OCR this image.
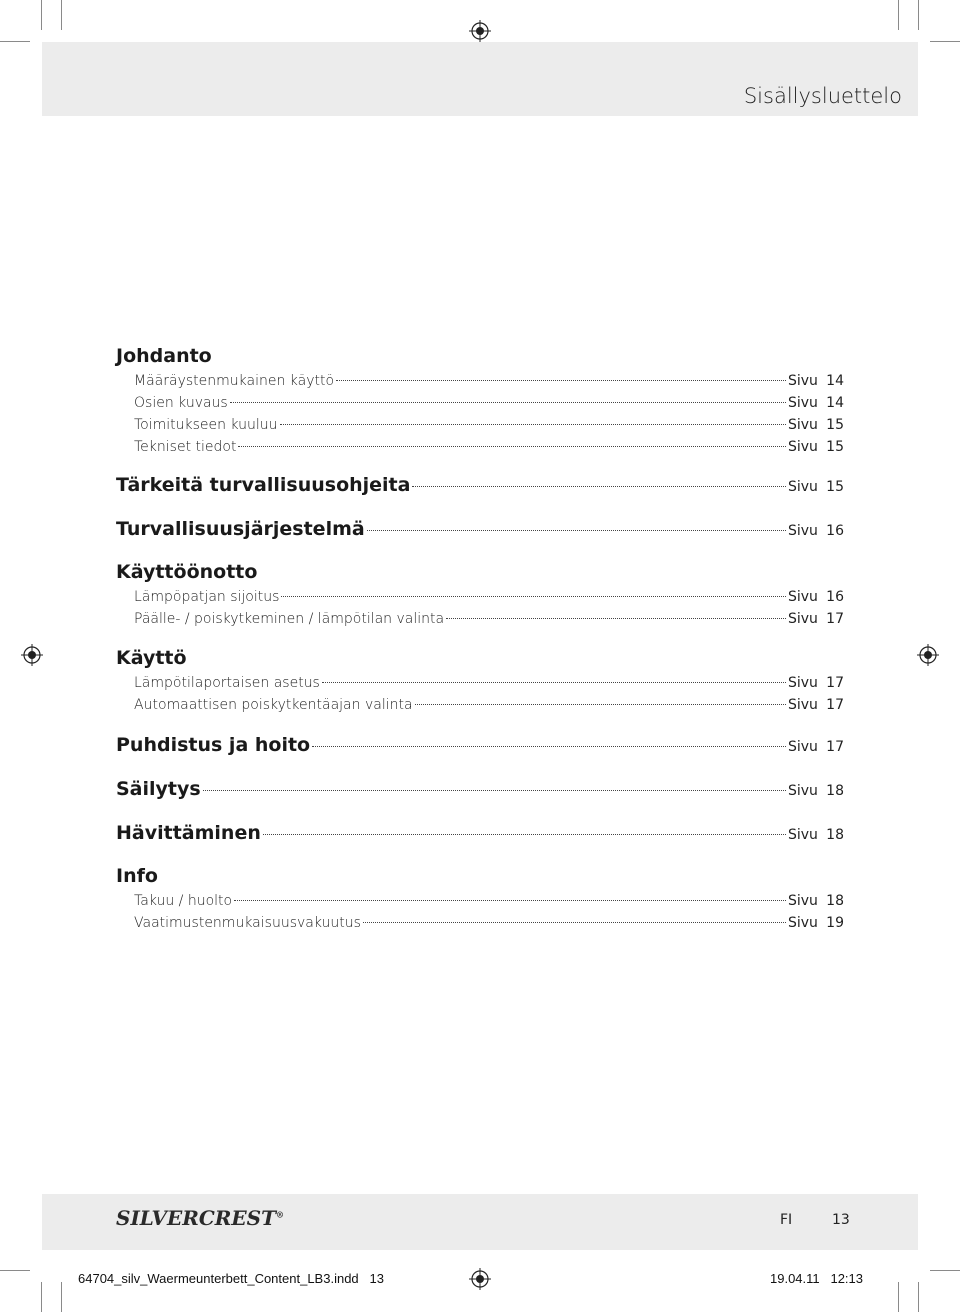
Sisällysluettelo
Johdanto
Määräystenmukainen käyttö	Sivu 14
Osien kuvaus	Sivu 14
Toimitukseen kuuluu	Sivu 15
Tekniset tiedot	Sivu 15
Tärkeitä turvallisuusohjeita	Sivu 15
Turvallisuusjärjestelmä	Sivu 16
Käyttöönotto
Lämpöpatjan sijoitus	Sivu 16
Päälle- / poiskytkeminen / lämpötilan valinta	Sivu 17
Käyttö
Lämpötilaportaisen asetus	Sivu 17
Automaattisen poiskytkentäajan valinta	Sivu 17
Puhdistus ja hoito	Sivu 17
Säilytys	Sivu 18
Hävittäminen	Sivu 18
Info
Takuu / huolto	Sivu 18
Vaatimustenmukaisuusvakuutus	Sivu 19
SILVERCREST®	FI	13
64704_silv_Waermeunterbett_Content_LB3.indd   13	19.04.11   12:13
